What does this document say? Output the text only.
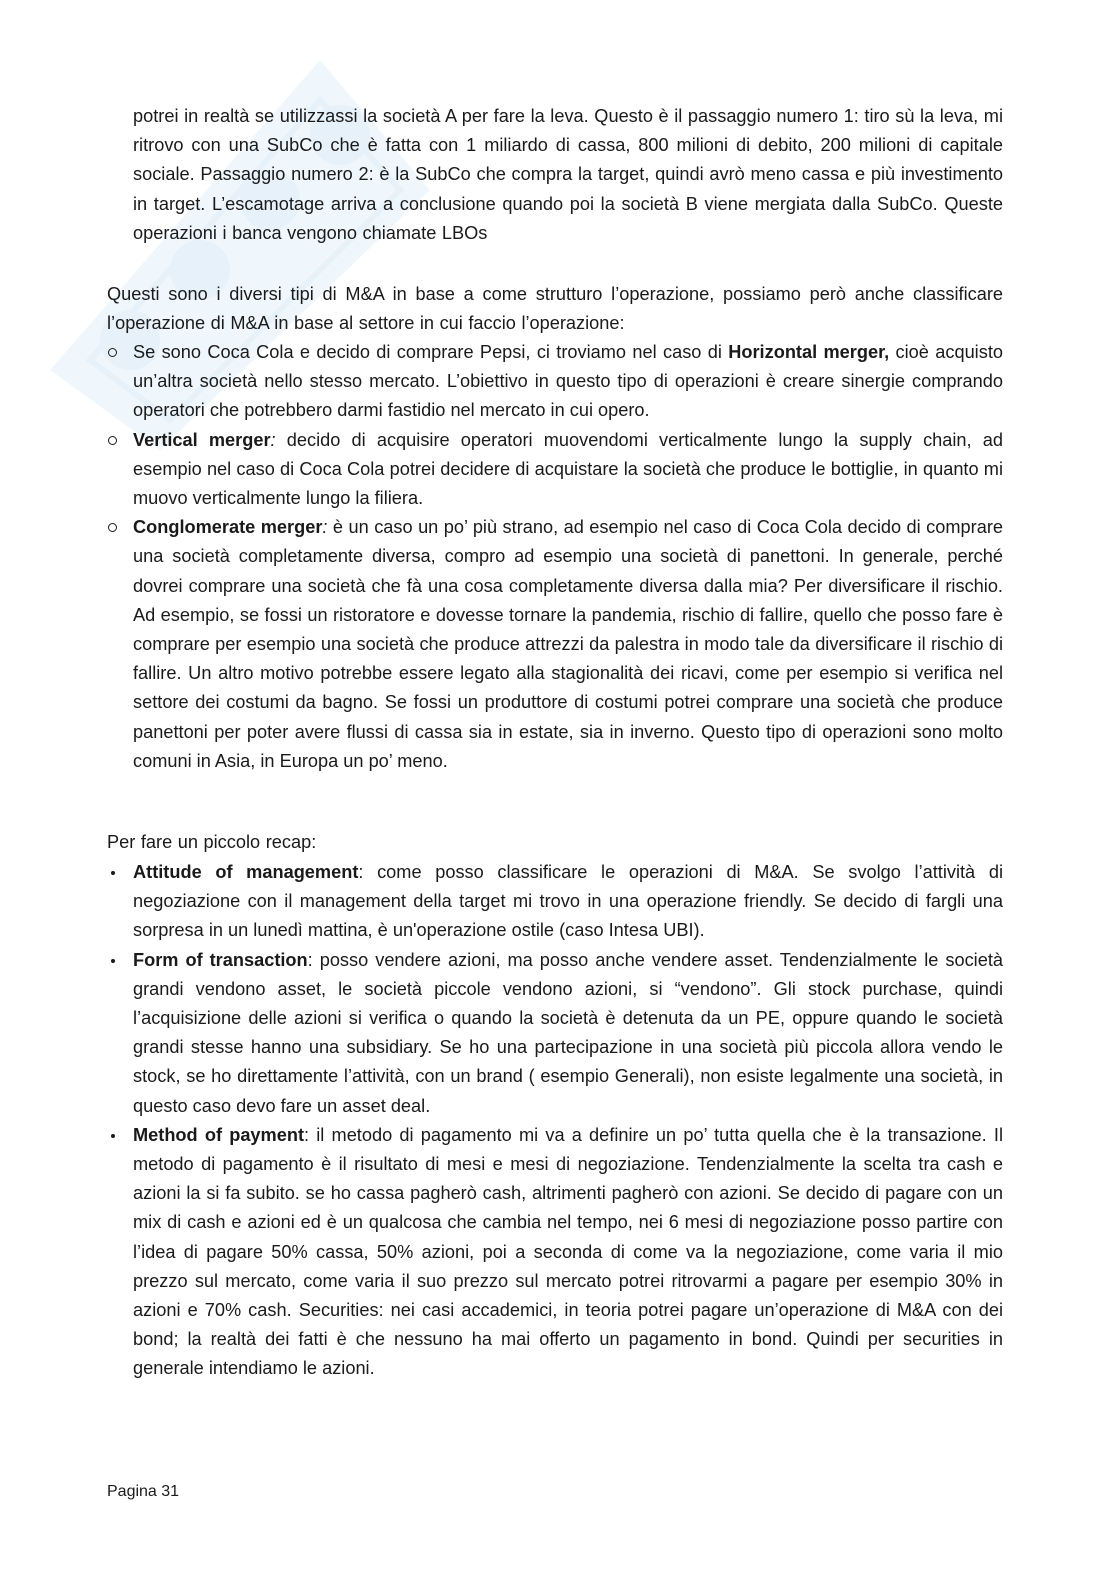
potrei in realtà se utilizzassi la società A per fare la leva. Questo è il passaggio numero 1: tiro sù la leva, mi ritrovo con una SubCo che è fatta con 1 miliardo di cassa, 800 milioni di debito, 200 milioni di capitale sociale. Passaggio numero 2: è la SubCo che compra la target, quindi avrò meno cassa e più investimento in target. L’escamotage arriva a conclusione quando poi la società B viene mergiata dalla SubCo. Queste operazioni i banca vengono chiamate LBOs
Questi sono i diversi tipi di M&A in base a come strutturo l’operazione, possiamo però anche classificare l’operazione di M&A in base al settore in cui faccio l’operazione:
Se sono Coca Cola e decido di comprare Pepsi, ci troviamo nel caso di Horizontal merger, cioè acquisto un’altra società nello stesso mercato. L’obiettivo in questo tipo di operazioni è creare sinergie comprando operatori che potrebbero darmi fastidio nel mercato in cui opero.
Vertical merger: decido di acquisire operatori muovendomi verticalmente lungo la supply chain, ad esempio nel caso di Coca Cola potrei decidere di acquistare la società che produce le bottiglie, in quanto mi muovo verticalmente lungo la filiera.
Conglomerate merger: è un caso un po’ più strano, ad esempio nel caso di Coca Cola decido di comprare una società completamente diversa, compro ad esempio una società di panettoni. In generale, perché dovrei comprare una società che fà una cosa completamente diversa dalla mia? Per diversificare il rischio. Ad esempio, se fossi un ristoratore e dovesse tornare la pandemia, rischio di fallire, quello che posso fare è comprare per esempio una società che produce attrezzi da palestra in modo tale da diversificare il rischio di fallire. Un altro motivo potrebbe essere legato alla stagionalità dei ricavi, come per esempio si verifica nel settore dei costumi da bagno. Se fossi un produttore di costumi potrei comprare una società che produce panettoni per poter avere flussi di cassa sia in estate, sia in inverno. Questo tipo di operazioni sono molto comuni in Asia, in Europa un po’ meno.
Per fare un piccolo recap:
Attitude of management: come posso classificare le operazioni di M&A. Se svolgo l’attività di negoziazione con il management della target mi trovo in una operazione friendly. Se decido di fargli una sorpresa in un lunedì mattina, è un'operazione ostile (caso Intesa UBI).
Form of transaction: posso vendere azioni, ma posso anche vendere asset. Tendenzialmente le società grandi vendono asset, le società piccole vendono azioni, si “vendono”. Gli stock purchase, quindi l’acquisizione delle azioni si verifica o quando la società è detenuta da un PE, oppure quando le società grandi stesse hanno una subsidiary. Se ho una partecipazione in una società più piccola allora vendo le stock, se ho direttamente l’attività, con un brand ( esempio Generali), non esiste legalmente una società, in questo caso devo fare un asset deal.
Method of payment: il metodo di pagamento mi va a definire un po’ tutta quella che è la transazione. Il metodo di pagamento è il risultato di mesi e mesi di negoziazione. Tendenzialmente la scelta tra cash e azioni la si fa subito. se ho cassa pagherò cash, altrimenti pagherò con azioni. Se decido di pagare con un mix di cash e azioni ed è un qualcosa che cambia nel tempo, nei 6 mesi di negoziazione posso partire con l’idea di pagare 50% cassa, 50% azioni, poi a seconda di come va la negoziazione, come varia il mio prezzo sul mercato, come varia il suo prezzo sul mercato potrei ritrovarmi a pagare per esempio 30% in azioni e 70% cash. Securities: nei casi accademici, in teoria potrei pagare un’operazione di M&A con dei bond; la realtà dei fatti è che nessuno ha mai offerto un pagamento in bond. Quindi per securities in generale intendiamo le azioni.
Pagina 31
